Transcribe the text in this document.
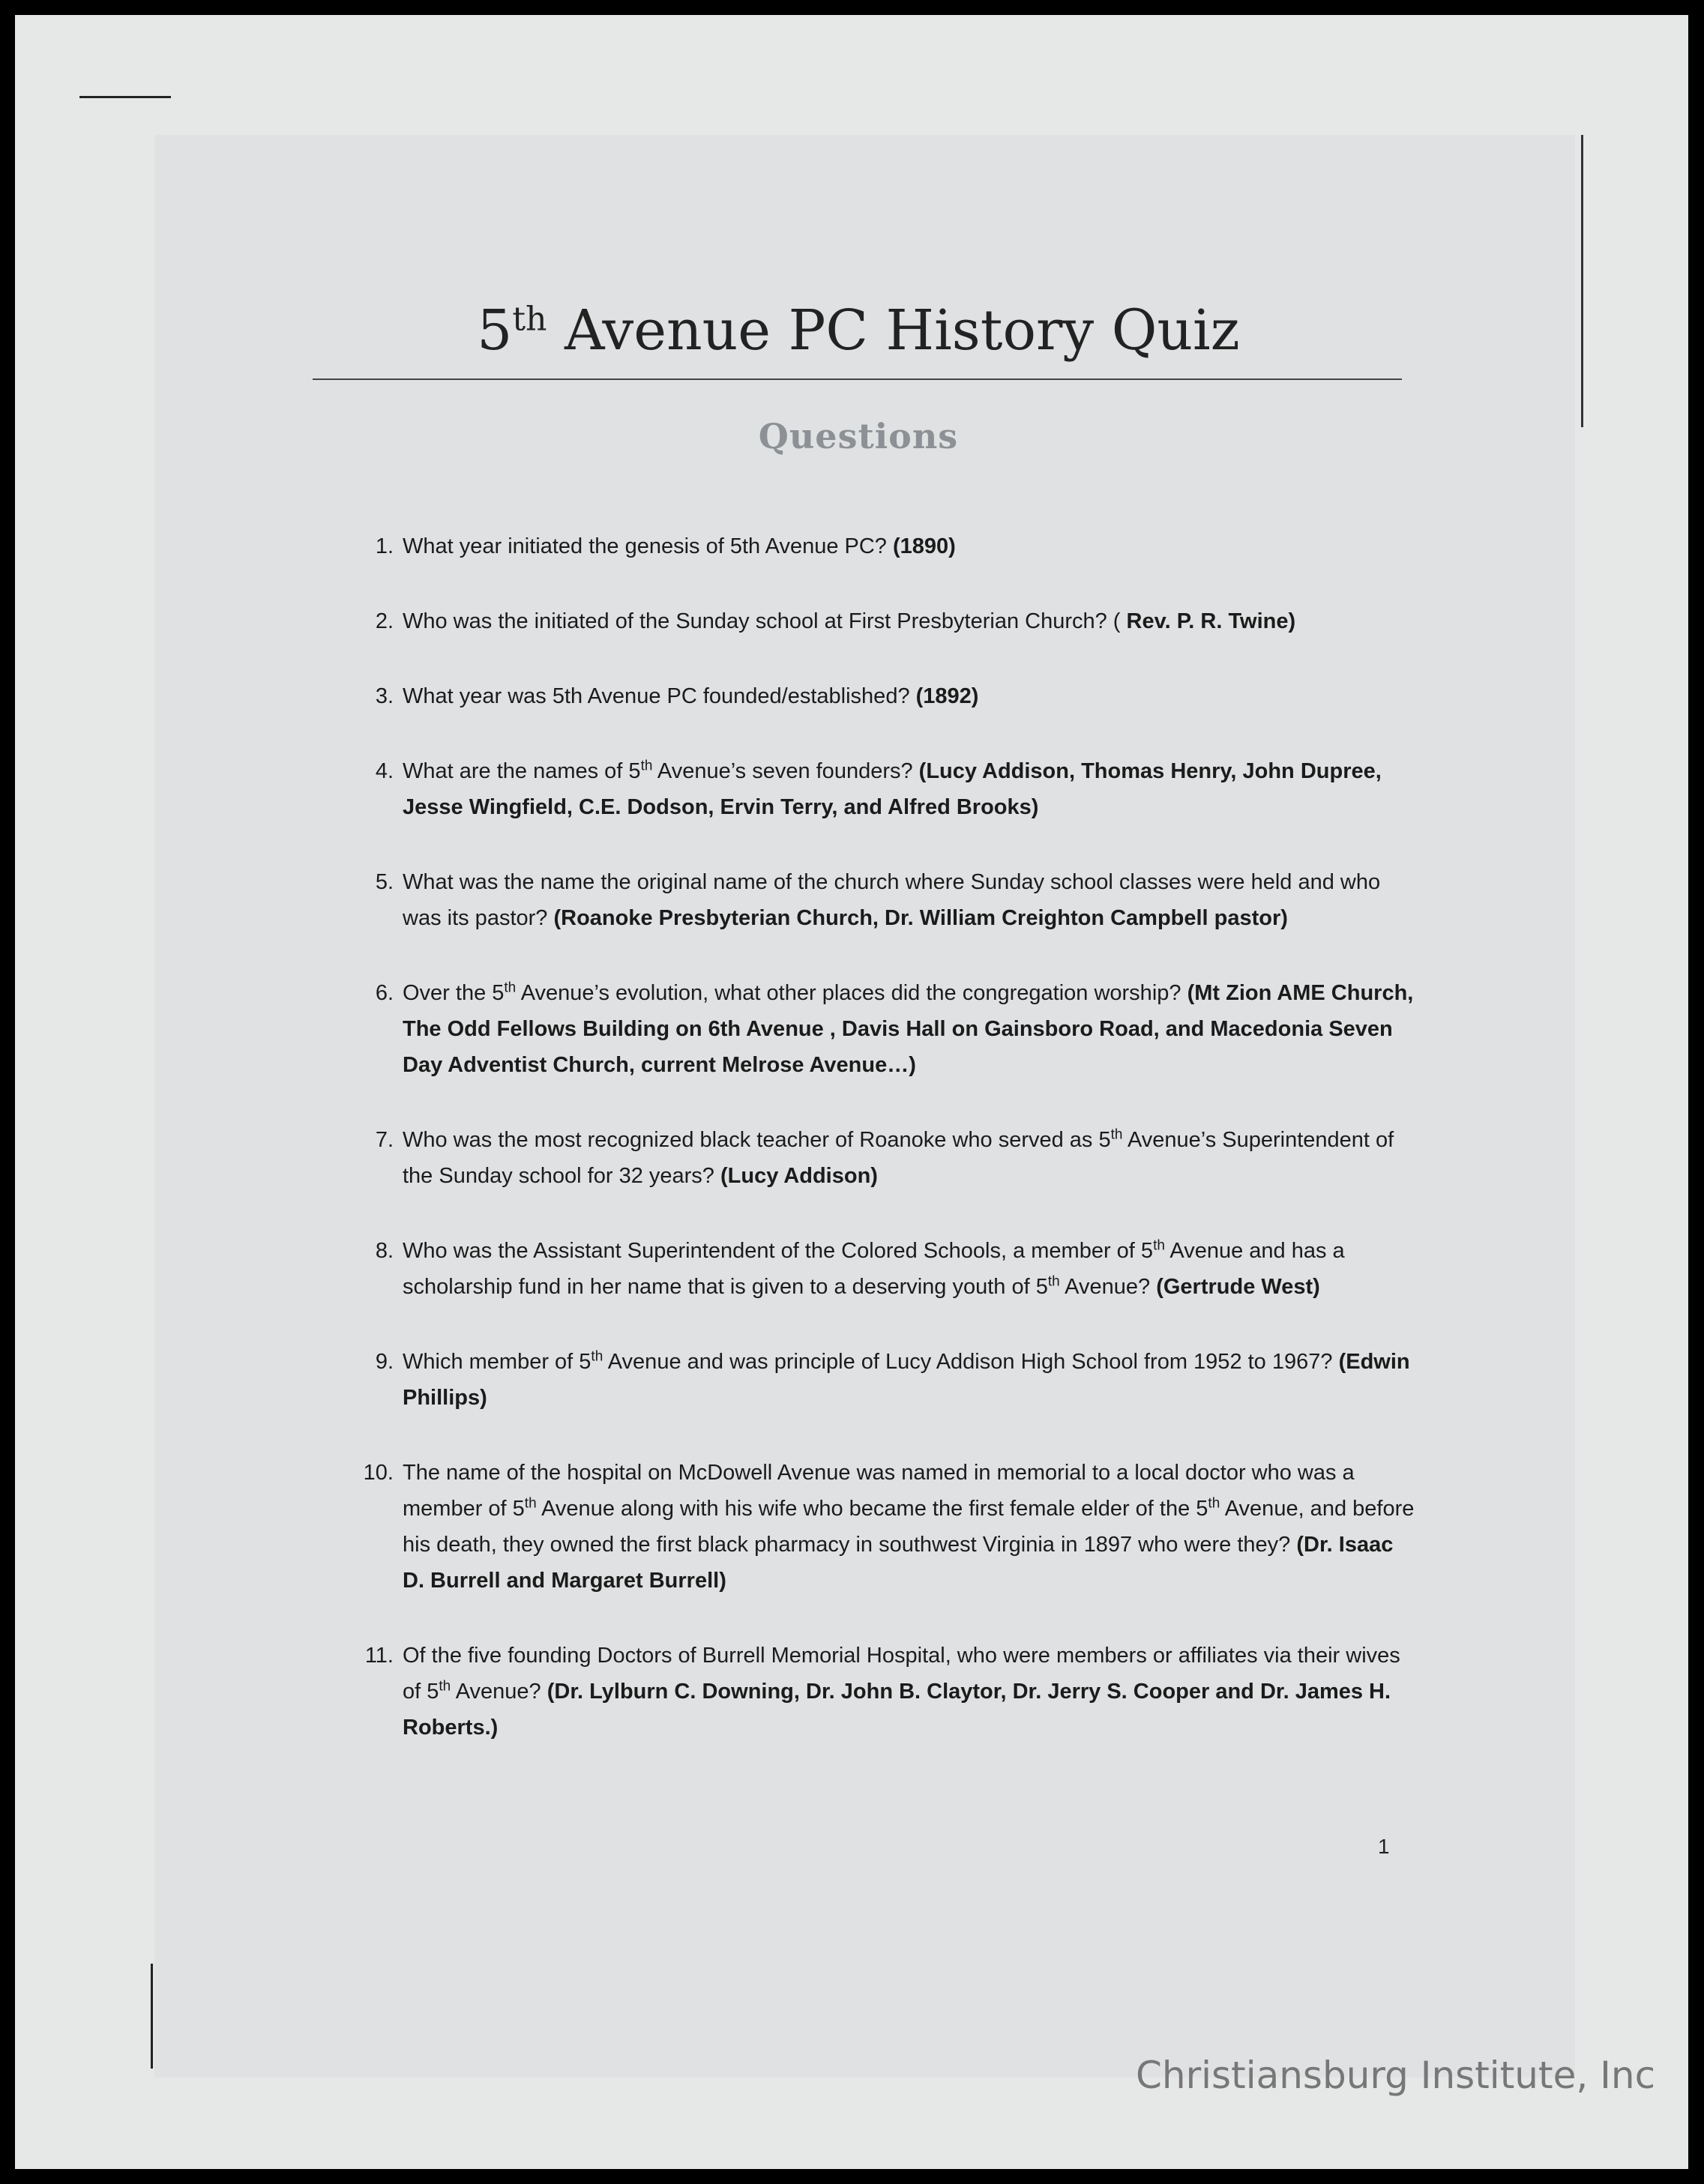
5th Avenue PC History Quiz
Questions
1. What year initiated the genesis of 5th Avenue PC? (1890)
2. Who was the initiated of the Sunday school at First Presbyterian Church? ( Rev. P. R. Twine)
3. What year was 5th Avenue PC founded/established? (1892)
4. What are the names of 5th Avenue’s seven founders? (Lucy Addison, Thomas Henry, John Dupree, Jesse Wingfield, C.E. Dodson, Ervin Terry, and Alfred Brooks)
5. What was the name the original name of the church where Sunday school classes were held and who was its pastor? (Roanoke Presbyterian Church, Dr. William Creighton Campbell pastor)
6. Over the 5th Avenue’s evolution, what other places did the congregation worship? (Mt Zion AME Church, The Odd Fellows Building on 6th Avenue , Davis Hall on Gainsboro Road, and Macedonia Seven Day Adventist Church, current Melrose Avenue…)
7. Who was the most recognized black teacher of Roanoke who served as 5th Avenue’s Superintendent of the Sunday school for 32 years? (Lucy Addison)
8. Who was the Assistant Superintendent of the Colored Schools, a member of 5th Avenue and has a scholarship fund in her name that is given to a deserving youth of 5th Avenue? (Gertrude West)
9. Which member of 5th Avenue and was principle of Lucy Addison High School from 1952 to 1967? (Edwin Phillips)
10. The name of the hospital on McDowell Avenue was named in memorial to a local doctor who was a member of 5th Avenue along with his wife who became the first female elder of the 5th Avenue, and before his death, they owned the first black pharmacy in southwest Virginia in 1897 who were they? (Dr. Isaac D. Burrell and Margaret Burrell)
11. Of the five founding Doctors of Burrell Memorial Hospital, who were members or affiliates via their wives of 5th Avenue? (Dr. Lylburn C. Downing, Dr. John B. Claytor, Dr. Jerry S. Cooper and Dr. James H. Roberts.)
1
Christiansburg Institute, Inc
